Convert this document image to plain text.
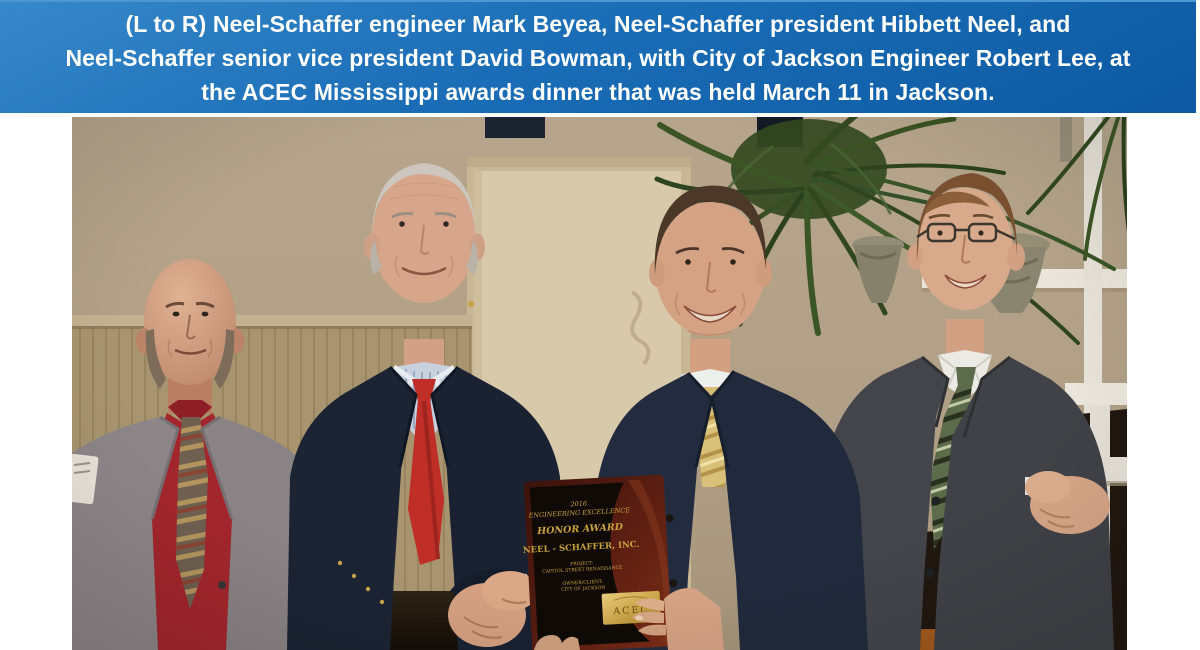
(L to R) Neel-Schaffer engineer Mark Beyea, Neel-Schaffer president Hibbett Neel, and
Neel-Schaffer senior vice president David Bowman, with City of Jackson Engineer Robert Lee, at
the ACEC Mississippi awards dinner that was held March 11 in Jackson.
